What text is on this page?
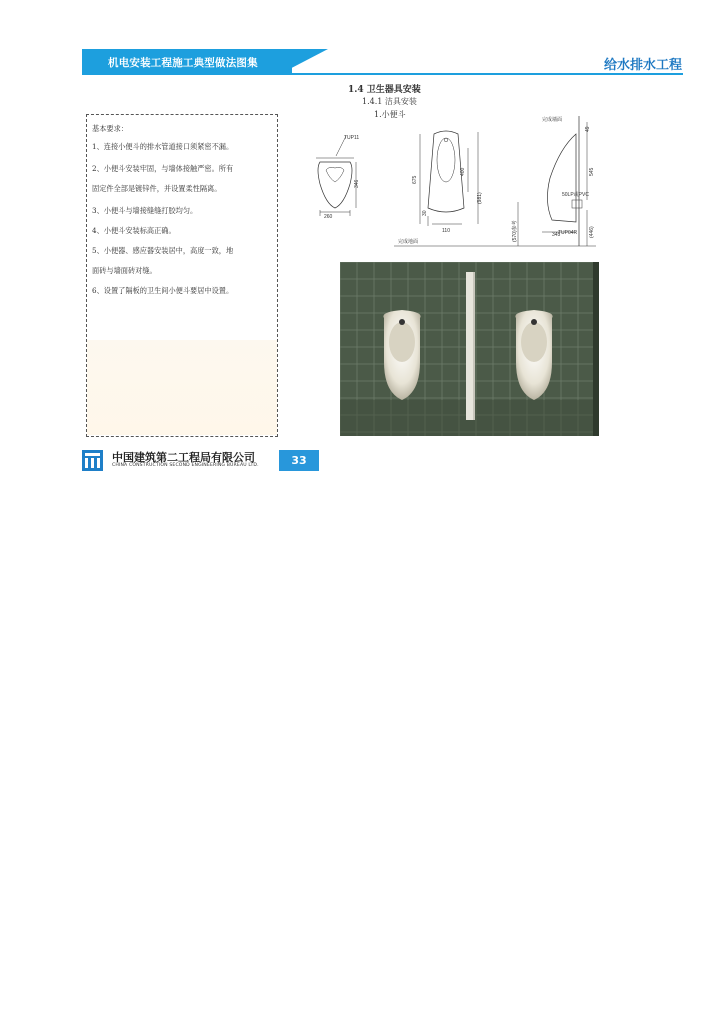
机电安装工程施工典型做法图集	给水排水工程
1.4 卫生器具安装
1.4.1 洁具安装
1.小便斗
基本要求：
1、连接小便斗的排水管道接口须紧密不漏。
2、小便斗安装牢固，与墙体接触严密。所有
固定件全部是镀锌件，并设置柔性隔离。
3、小便斗与墙接缝缝打胶均匀。
4、小便斗安装标高正确。
5、小便器、感应器安装居中，高度一致，地
面砖与墙面砖对缝。
6、设置了隔板的卫生间小便斗要居中设置。
260
346
TUP11
675
400
(981)
30
110
完成地面
完成墙面
49
545
(570)参考	345	(446)
50LP或PVC
TUP04R
中国建筑第二工程局有限公司
CHINA CONSTRUCTION SECOND ENGINEERING BUREAU LTD.	33
